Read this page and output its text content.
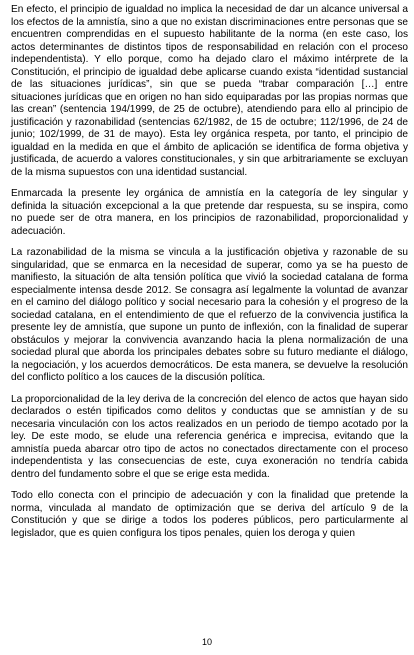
En efecto, el principio de igualdad no implica la necesidad de dar un alcance universal a los efectos de la amnistía, sino a que no existan discriminaciones entre personas que se encuentren comprendidas en el supuesto habilitante de la norma (en este caso, los actos determinantes de distintos tipos de responsabilidad en relación con el proceso independentista). Y ello porque, como ha dejado claro el máximo intérprete de la Constitución, el principio de igualdad debe aplicarse cuando exista “identidad sustancial de las situaciones jurídicas”, sin que se pueda “trabar comparación […] entre situaciones jurídicas que en origen no han sido equiparadas por las propias normas que las crean” (sentencia 194/1999, de 25 de octubre), atendiendo para ello al principio de justificación y razonabilidad (sentencias 62/1982, de 15 de octubre; 112/1996, de 24 de junio; 102/1999, de 31 de mayo). Esta ley orgánica respeta, por tanto, el principio de igualdad en la medida en que el ámbito de aplicación se identifica de forma objetiva y justificada, de acuerdo a valores constitucionales, y sin que arbitrariamente se excluyan de la misma supuestos con una identidad sustancial.

Enmarcada la presente ley orgánica de amnistía en la categoría de ley singular y definida la situación excepcional a la que pretende dar respuesta, su se inspira, como no puede ser de otra manera, en los principios de razonabilidad, proporcionalidad y adecuación.

La razonabilidad de la misma se vincula a la justificación objetiva y razonable de su singularidad, que se enmarca en la necesidad de superar, como ya se ha puesto de manifiesto, la situación de alta tensión política que vivió la sociedad catalana de forma especialmente intensa desde 2012. Se consagra así legalmente la voluntad de avanzar en el camino del diálogo político y social necesario para la cohesión y el progreso de la sociedad catalana, en el entendimiento de que el refuerzo de la convivencia justifica la presente ley de amnistía, que supone un punto de inflexión, con la finalidad de superar obstáculos y mejorar la convivencia avanzando hacia la plena normalización de una sociedad plural que aborda los principales debates sobre su futuro mediante el diálogo, la negociación, y los acuerdos democráticos. De esta manera, se devuelve la resolución del conflicto político a los cauces de la discusión política.

La proporcionalidad de la ley deriva de la concreción del elenco de actos que hayan sido declarados o estén tipificados como delitos y conductas que se amnistían y de su necesaria vinculación con los actos realizados en un periodo de tiempo acotado por la ley. De este modo, se elude una referencia genérica e imprecisa, evitando que la amnistía pueda abarcar otro tipo de actos no conectados directamente con el proceso independentista y las consecuencias de este, cuya exoneración no tendría cabida dentro del fundamento sobre el que se erige esta medida.

Todo ello conecta con el principio de adecuación y con la finalidad que pretende la norma, vinculada al mandato de optimización que se deriva del artículo 9 de la Constitución y que se dirige a todos los poderes públicos, pero particularmente al legislador, que es quien configura los tipos penales, quien los deroga y quien

10
